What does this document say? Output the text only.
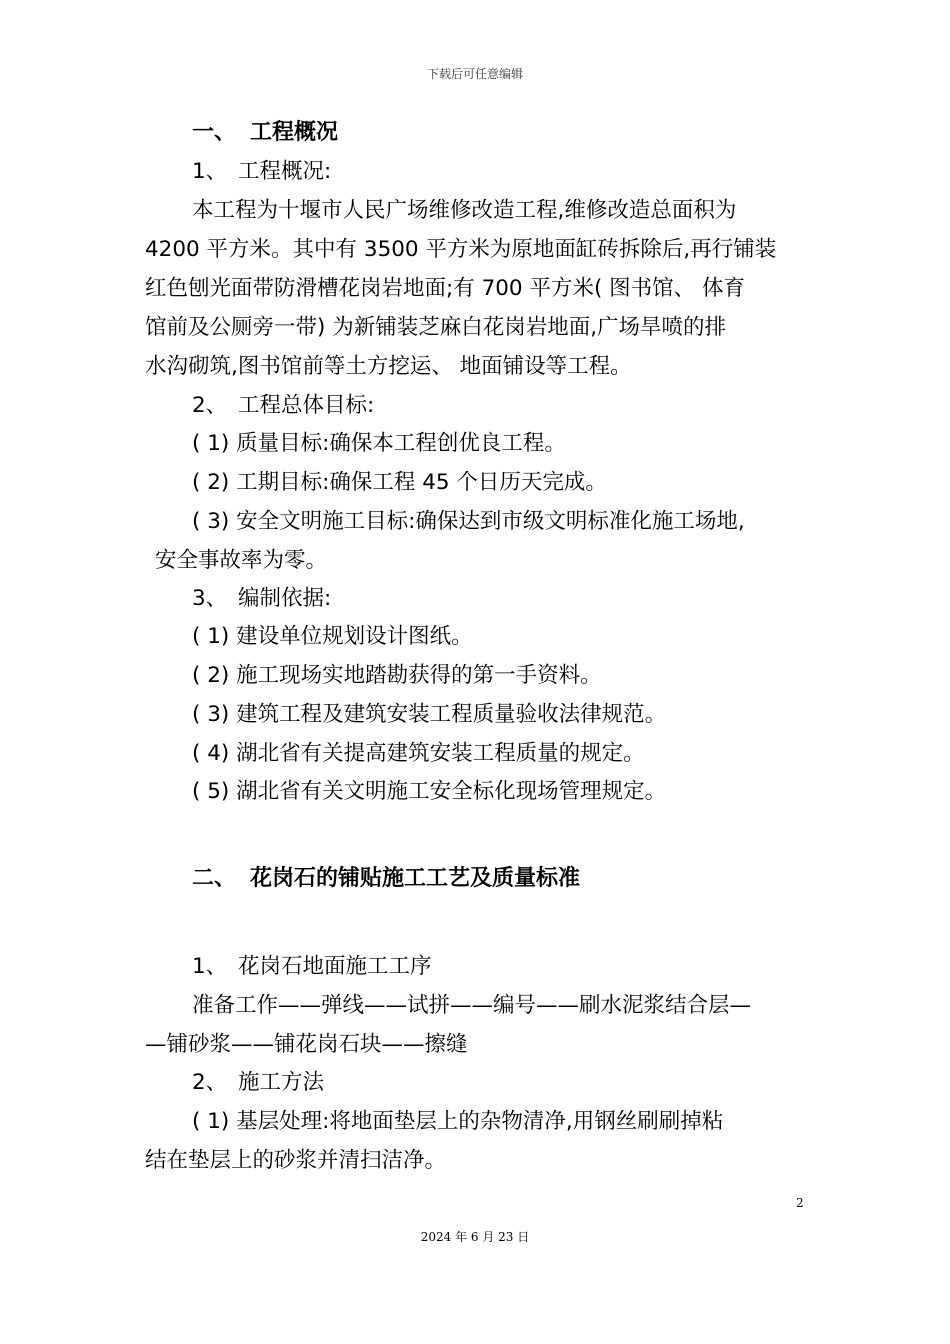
下载后可任意编辑
一、 工程概况
1、 工程概况:
本工程为十堰市人民广场维修改造工程,维修改造总面积为
4200 平方米。其中有 3500 平方米为原地面缸砖拆除后,再行铺装
红色刨光面带防滑槽花岗岩地面;有 700 平方米( 图书馆、 体育
馆前及公厕旁一带) 为新铺装芝麻白花岗岩地面,广场旱喷的排
水沟砌筑,图书馆前等土方挖运、 地面铺设等工程。
2、 工程总体目标:
( 1) 质量目标:确保本工程创优良工程。
( 2) 工期目标:确保工程 45 个日历天完成。
( 3) 安全文明施工目标:确保达到市级文明标准化施工场地,
安全事故率为零。
3、 编制依据:
( 1) 建设单位规划设计图纸。
( 2) 施工现场实地踏勘获得的第一手资料。
( 3) 建筑工程及建筑安装工程质量验收法律规范。
( 4) 湖北省有关提高建筑安装工程质量的规定。
( 5) 湖北省有关文明施工安全标化现场管理规定。
二、 花岗石的铺贴施工工艺及质量标准
1、 花岗石地面施工工序
准备工作——弹线——试拼——编号——刷水泥浆结合层—
—铺砂浆——铺花岗石块——擦缝
2、 施工方法
( 1) 基层处理:将地面垫层上的杂物清净,用钢丝刷刷掉粘
结在垫层上的砂浆并清扫洁净。
2
2024 年 6 月 23 日
